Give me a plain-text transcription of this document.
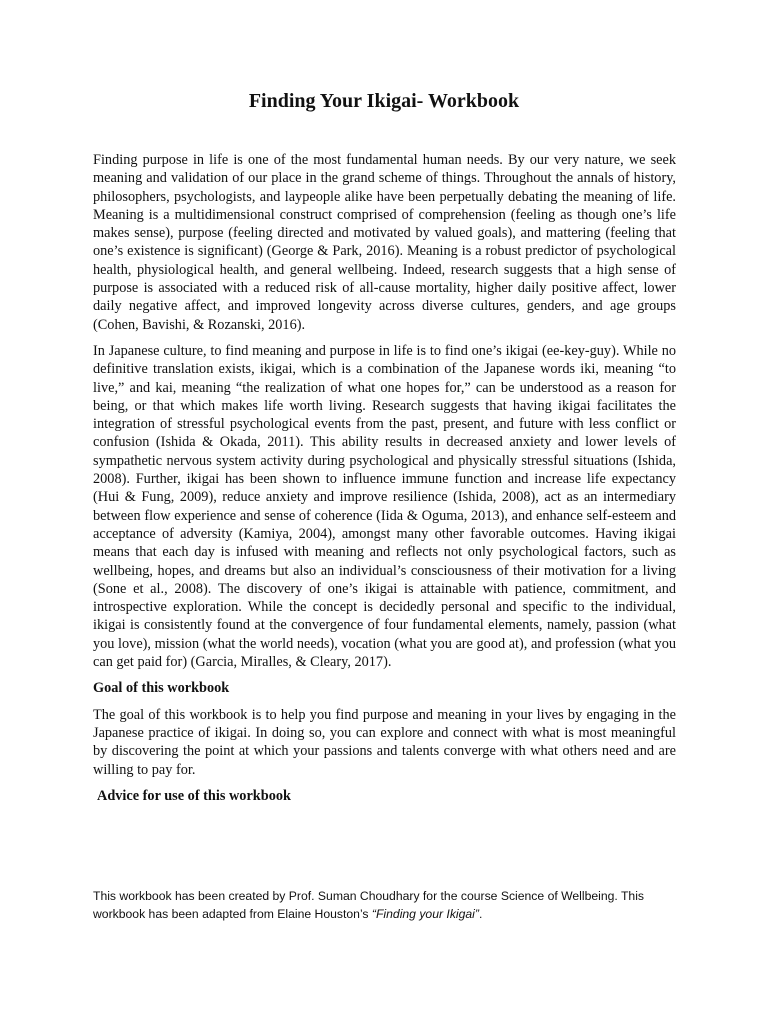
Finding Your Ikigai- Workbook

Finding purpose in life is one of the most fundamental human needs. By our very nature, we seek meaning and validation of our place in the grand scheme of things. Throughout the annals of history, philosophers, psychologists, and laypeople alike have been perpetually debating the meaning of life. Meaning is a multidimensional construct comprised of comprehension (feeling as though one’s life makes sense), purpose (feeling directed and motivated by valued goals), and mattering (feeling that one’s existence is significant) (George & Park, 2016). Meaning is a robust predictor of psychological health, physiological health, and general wellbeing. Indeed, research suggests that a high sense of purpose is associated with a reduced risk of all-cause mortality, higher daily positive affect, lower daily negative affect, and improved longevity across diverse cultures, genders, and age groups (Cohen, Bavishi, & Rozanski, 2016).

In Japanese culture, to find meaning and purpose in life is to find one’s ikigai (ee-key-guy). While no definitive translation exists, ikigai, which is a combination of the Japanese words iki, meaning “to live,” and kai, meaning “the realization of what one hopes for,” can be understood as a reason for being, or that which makes life worth living. Research suggests that having ikigai facilitates the integration of stressful psychological events from the past, present, and future with less conflict or confusion (Ishida & Okada, 2011). This ability results in decreased anxiety and lower levels of sympathetic nervous system activity during psychological and physically stressful situations (Ishida, 2008). Further, ikigai has been shown to influence immune function and increase life expectancy (Hui & Fung, 2009), reduce anxiety and improve resilience (Ishida, 2008), act as an intermediary between flow experience and sense of coherence (Iida & Oguma, 2013), and enhance self-esteem and acceptance of adversity (Kamiya, 2004), amongst many other favorable outcomes. Having ikigai means that each day is infused with meaning and reflects not only psychological factors, such as wellbeing, hopes, and dreams but also an individual’s consciousness of their motivation for a living (Sone et al., 2008). The discovery of one’s ikigai is attainable with patience, commitment, and introspective exploration. While the concept is decidedly personal and specific to the individual, ikigai is consistently found at the convergence of four fundamental elements, namely, passion (what you love), mission (what the world needs), vocation (what you are good at), and profession (what you can get paid for) (Garcia, Miralles, & Cleary, 2017).

Goal of this workbook

The goal of this workbook is to help you find purpose and meaning in your lives by engaging in the Japanese practice of ikigai. In doing so, you can explore and connect with what is most meaningful by discovering the point at which your passions and talents converge with what others need and are willing to pay for.

Advice for use of this workbook
This workbook has been created by Prof. Suman Choudhary for the course Science of Wellbeing. This workbook has been adapted from Elaine Houston’s “Finding your Ikigai”.
